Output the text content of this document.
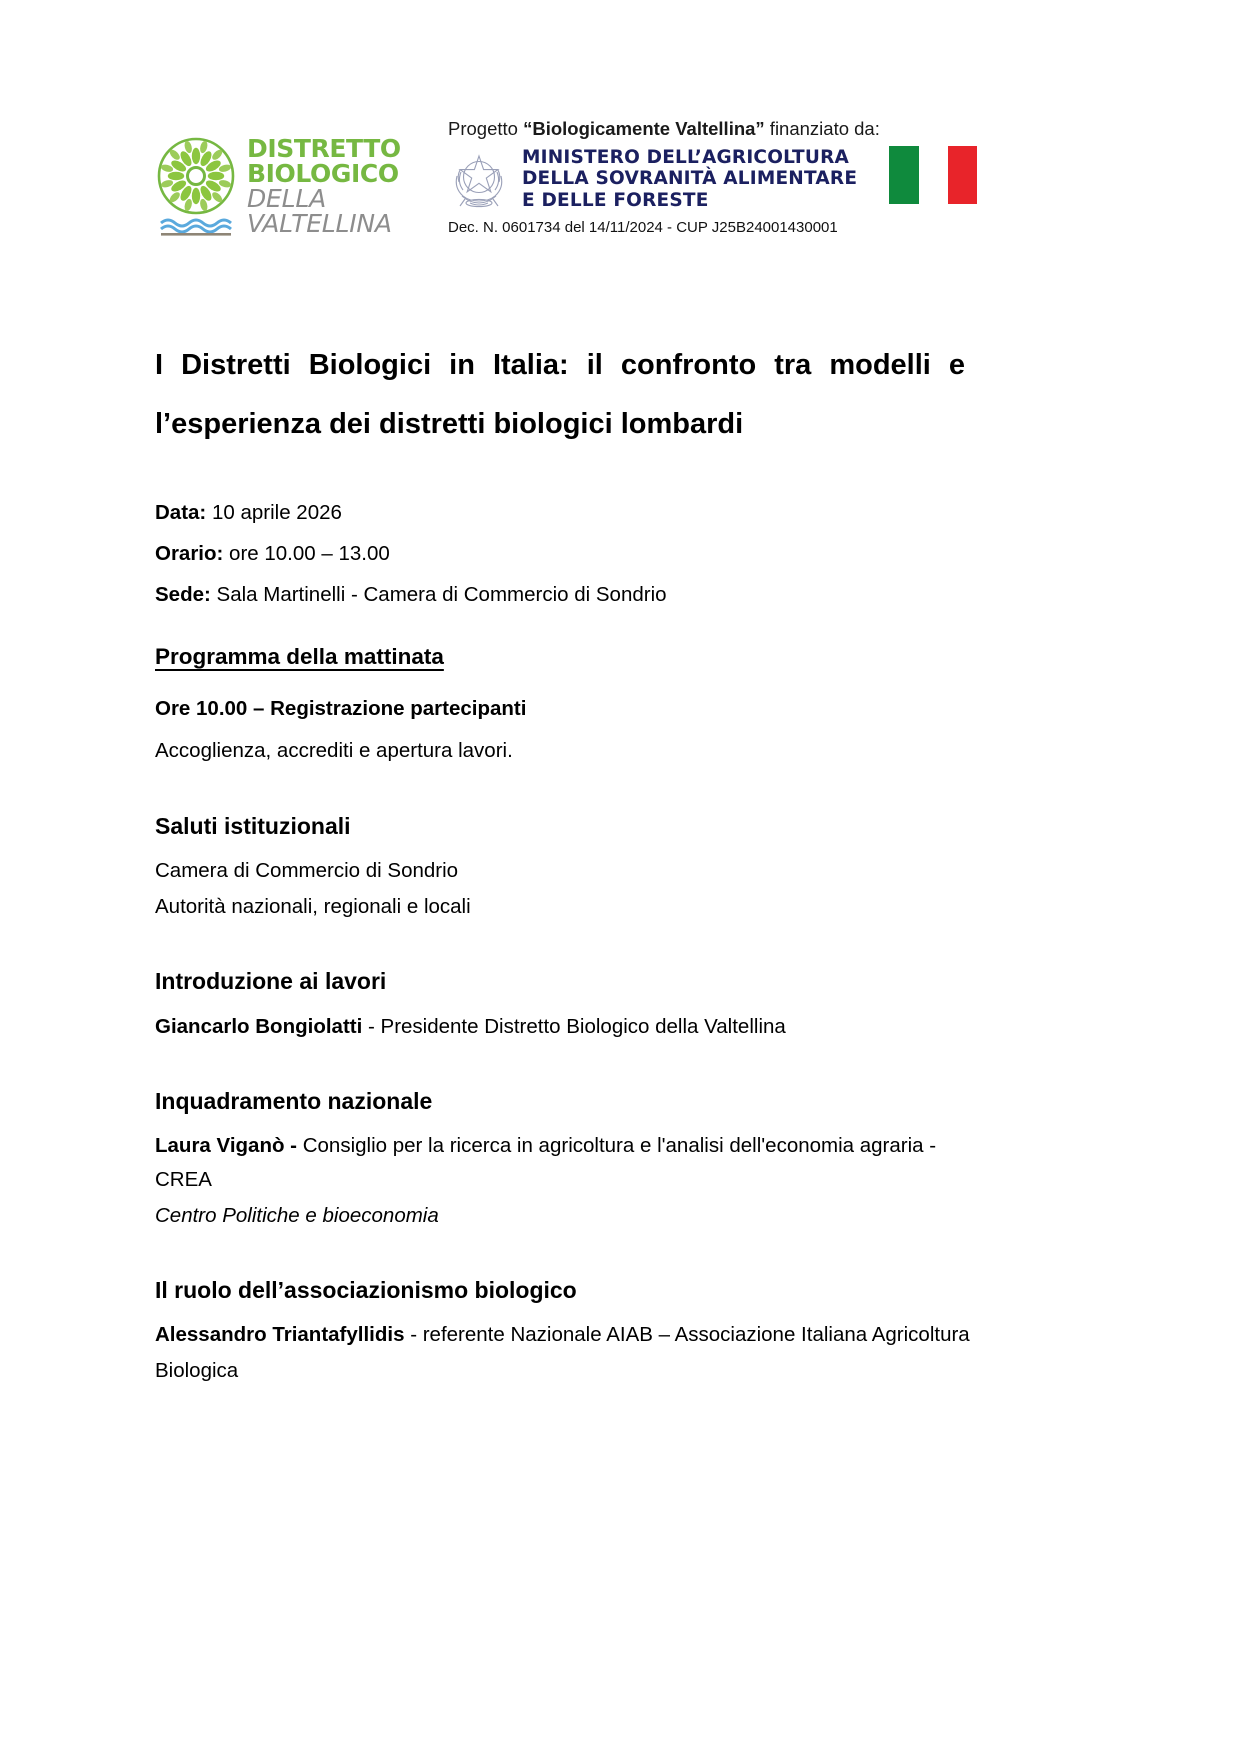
DISTRETTO
BIOLOGICO
DELLA
VALTELLINA
Progetto “Biologicamente Valtellina” finanziato da:
MINISTERO DELL’AGRICOLTURA
DELLA SOVRANITÀ ALIMENTARE
E DELLE FORESTE
Dec. N. 0601734 del 14/11/2024 - CUP J25B24001430001
I Distretti Biologici in Italia: il confronto tra modelli e
l’esperienza dei distretti biologici lombardi
Data: 10 aprile 2026
Orario: ore 10.00 – 13.00
Sede: Sala Martinelli - Camera di Commercio di Sondrio
Programma della mattinata
Ore 10.00 – Registrazione partecipanti
Accoglienza, accrediti e apertura lavori.
Saluti istituzionali
Camera di Commercio di Sondrio
Autorità nazionali, regionali e locali
Introduzione ai lavori
Giancarlo Bongiolatti - Presidente Distretto Biologico della Valtellina
Inquadramento nazionale
Laura Viganò - Consiglio per la ricerca in agricoltura e l'analisi dell'economia agraria - CREA
Centro Politiche e bioeconomia
Il ruolo dell’associazionismo biologico
Alessandro Triantafyllidis - referente Nazionale AIAB – Associazione Italiana Agricoltura
Biologica
